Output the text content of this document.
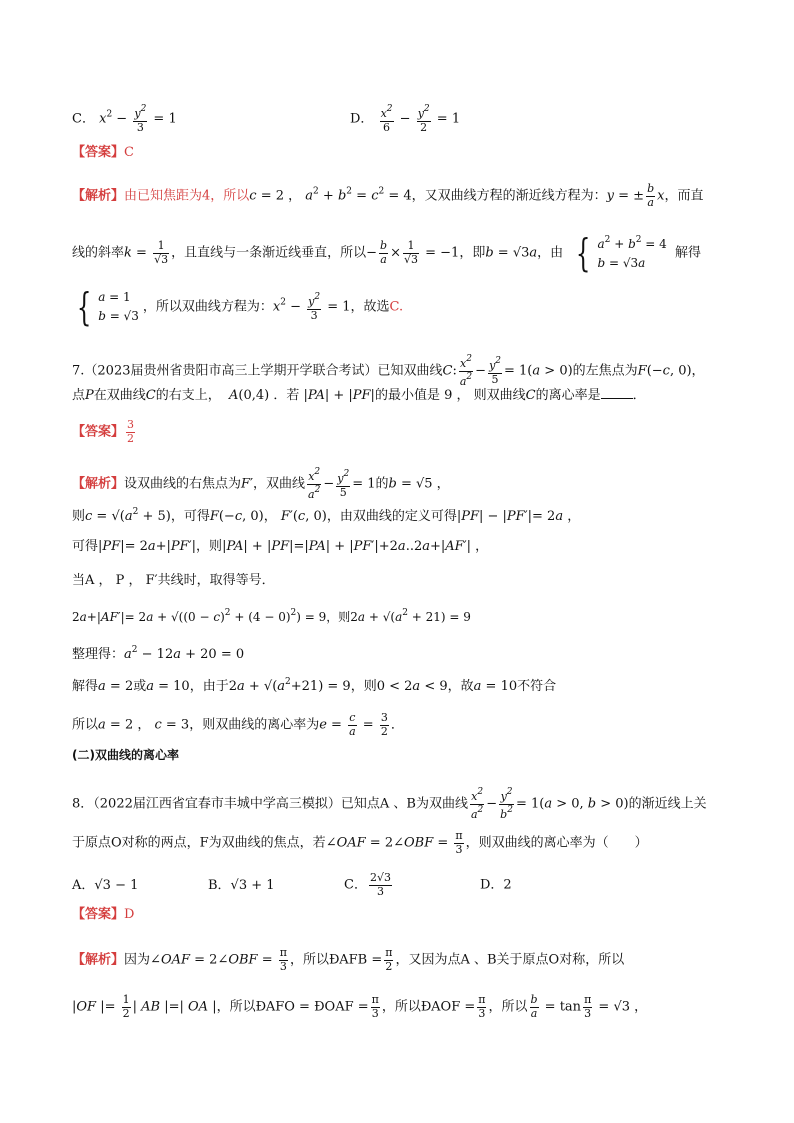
C． $x^2 - \frac{y^2}{3} = 1$	D． $\frac{x^2}{6} - \frac{y^2}{2} = 1$
【答案】C
【解析】由已知焦距为4，所以c = 2 ， $a^2 + b^2 = c^2 = 4$，又双曲线方程的渐近线方程为：y = ± $\frac{b}{a}$ x，而直
线的斜率$k = \frac{1}{√3}$ ，且直线与一条渐近线垂直，所以− $\frac{b}{a} \times \frac{1}{√3} = -1$，即b = √3a，由 { $a^2 + b^2 = 4$
b = √3a
解得
{ a = 1
b = √3
，所以双曲线方程为：$x^2 - \frac{y^2}{3} = 1$，故选C.
7.（2023届贵州省贵阳市高三上学期开学联合考试）已知双曲线C: $\frac{x^2}{a^2} - \frac{y^2}{5} = 1(a > 0)$的左焦点为F(−c, 0)，
点P在双曲线C的右支上， A(0,4) ．若 |PA| + |PF|的最小值是 9 ， 则双曲线C的离心率是 ．
【答案】 $\frac{3}{2}$
【解析】设双曲线的右焦点为F′，双曲线 $\frac{x^2}{a^2} - \frac{y^2}{5} = 1$的b = √5 ，
则$c = √(a^2 + 5)$，可得F(−c, 0)， F′(c, 0)，由双曲线的定义可得|PF| − |PF′|= 2a ，
可得|PF|= 2a+|PF′|，则|PA| + |PF|=|PA| + |PF′|+2a..2a+|AF′| ，
当A ， P ， F′共线时，取得等号．
$2a+|AF'|= 2a + √((0 - c)^2 + (4 - 0)^2) = 9$，则$2a + √(a^2 + 21) = 9$
整理得：$a^2 - 12a + 20 = 0$
解得a = 2或a = 10，由于$2a + √(a^2+21) = 9$，则0 < 2a < 9，故a = 10不符合
所以a = 2 ， c = 3，则双曲线的离心率为$e = \frac{c}{a} = \frac{3}{2}$ ．
(二)双曲线的离心率
8．（2022届江西省宜春市丰城中学高三模拟）已知点A 、B为双曲线 $\frac{x^2}{a^2} - \frac{y^2}{b^2} = 1(a > 0$, b > 0)的渐近线上关
于原点O对称的两点，F为双曲线的焦点，若∠OAF = 2∠OBF = $\frac{\pi}{3}$ ，则双曲线的离心率为（　　）
A．√3 − 1	B．√3 + 1	C． $\frac{2√3}{3}$	D．2
【答案】D
【解析】因为∠OAF = 2∠OBF = $\frac{\pi}{3}$ ，所以ÐAFB = $\frac{\pi}{2}$ ，又因为点A 、B关于原点O对称，所以
|OF |= $\frac{1}{2}$ | AB |=| OA |，所以ÐAFO = ÐOAF = $\frac{\pi}{3}$ ，所以ÐAOF = $\frac{\pi}{3}$ ，所以 $\frac{b}{a} = \tan \frac{\pi}{3} = √3$ ，
